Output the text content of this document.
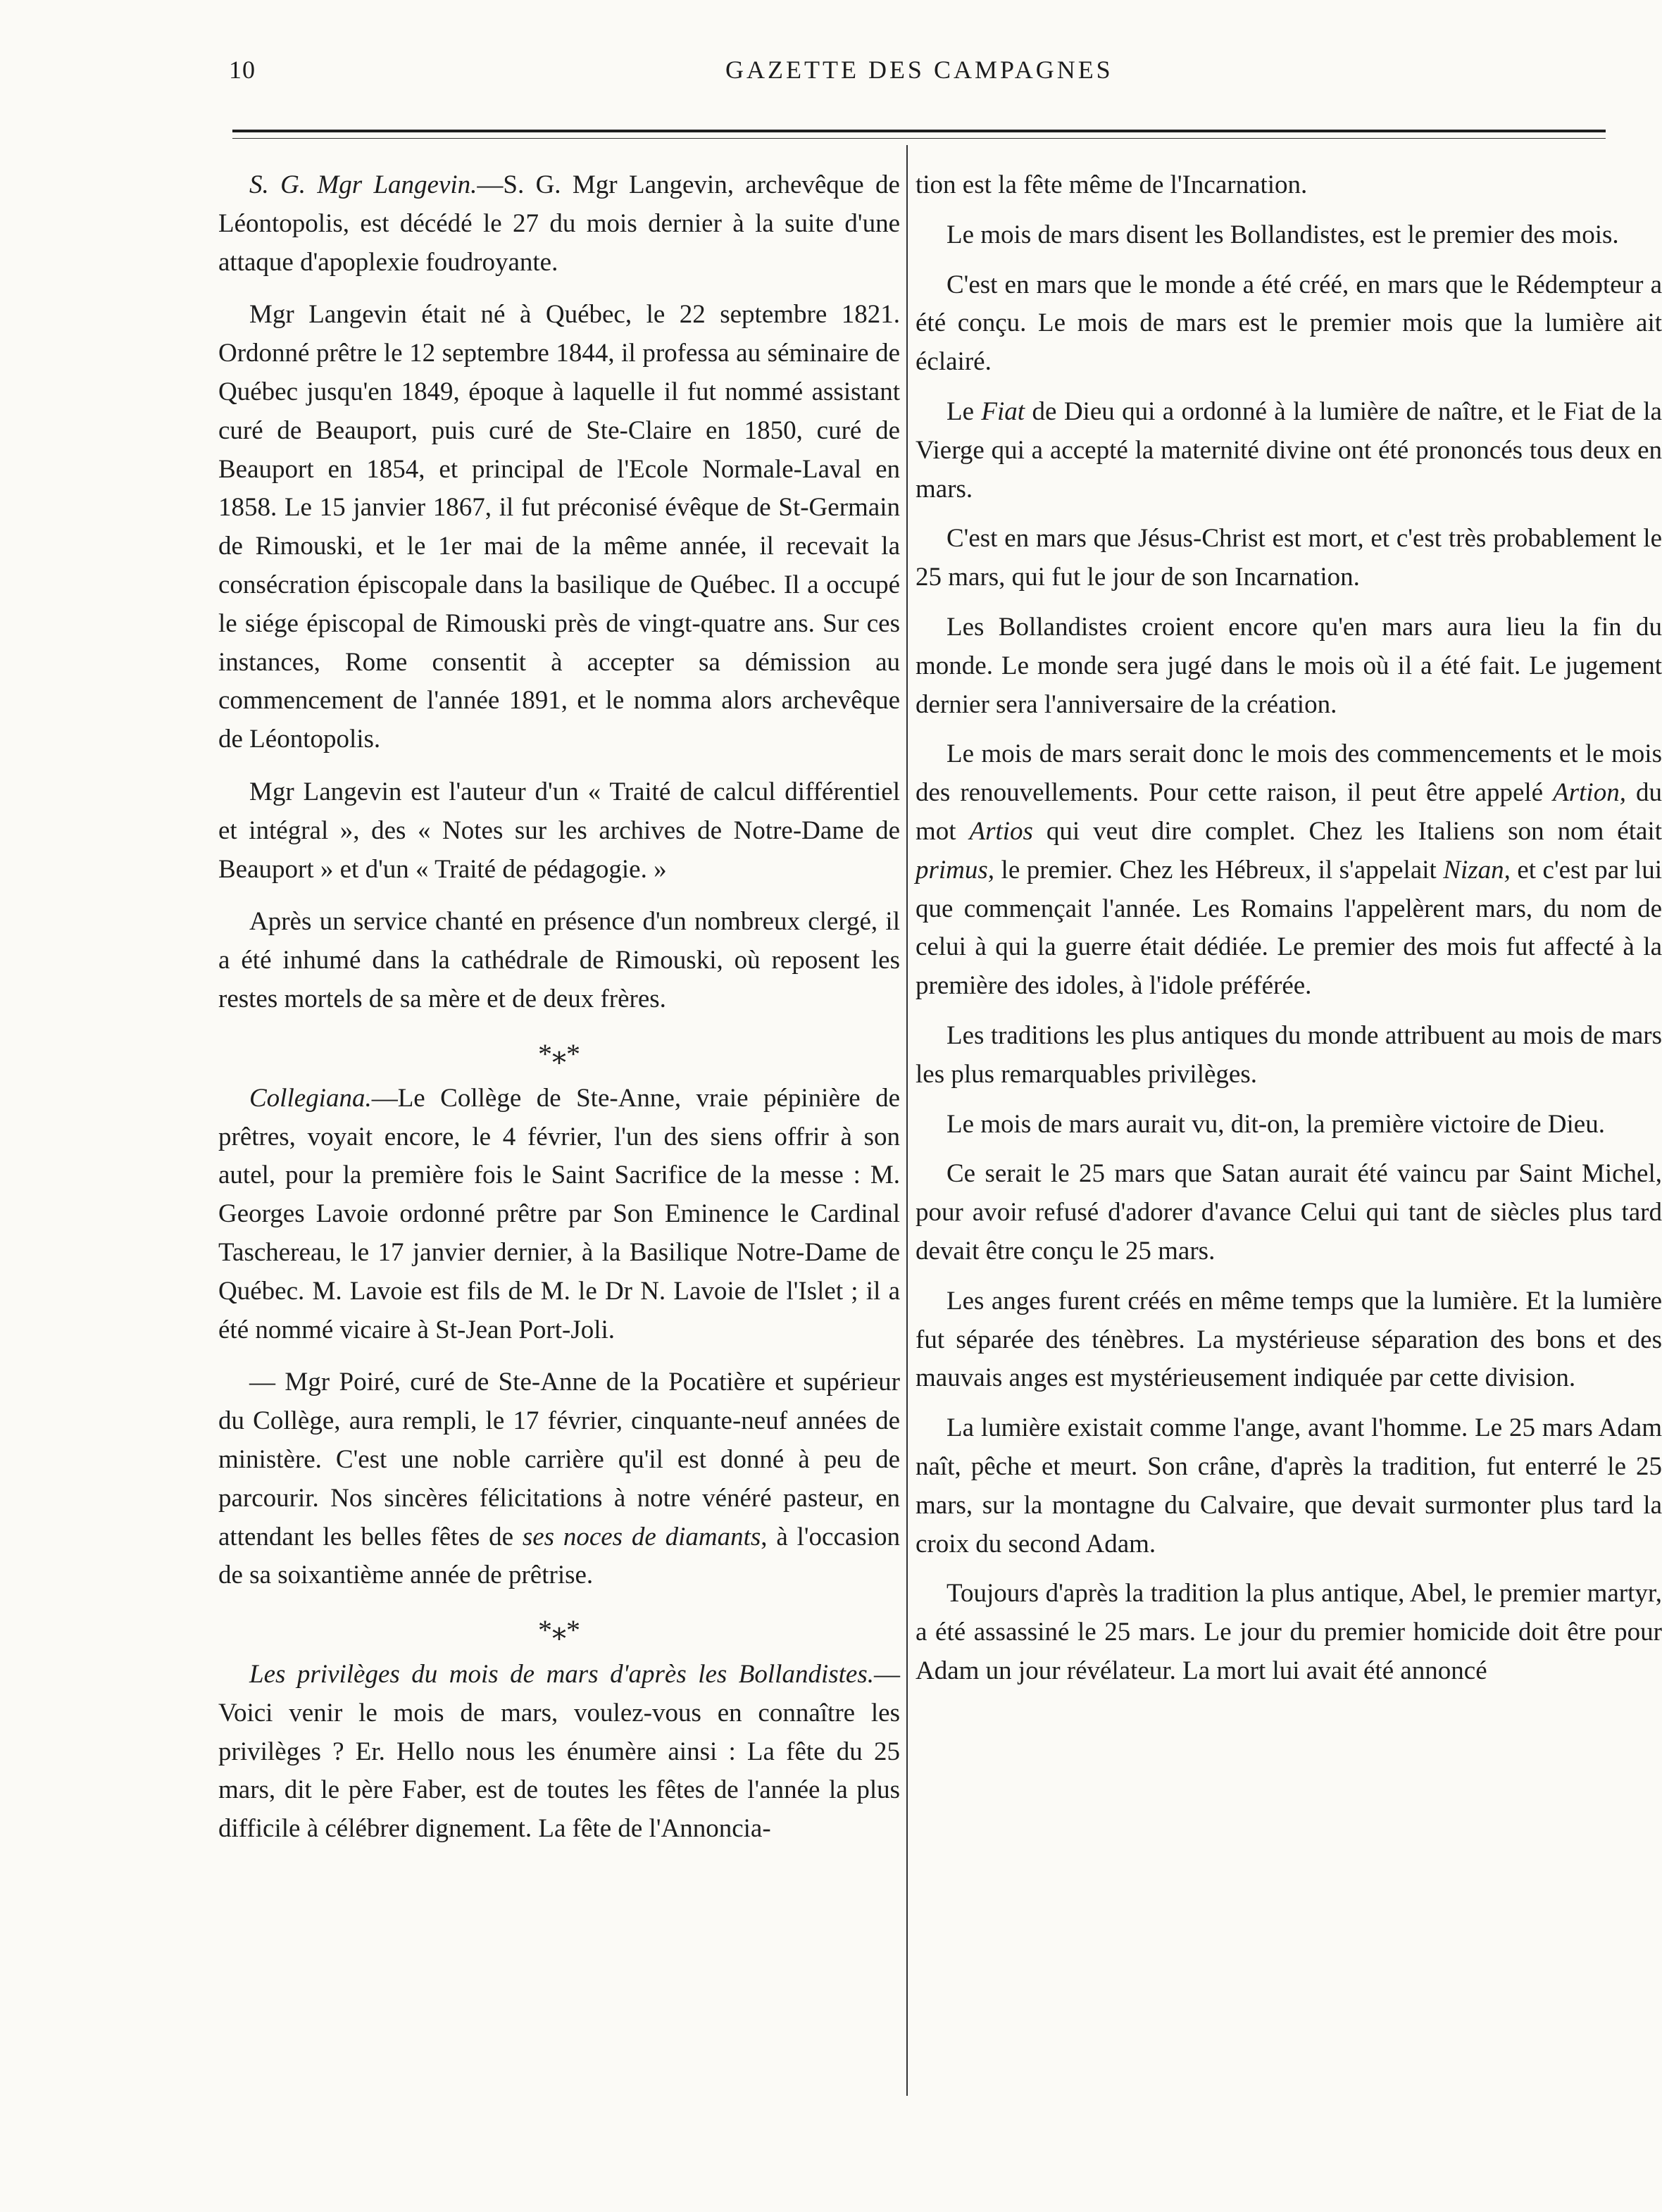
10	GAZETTE DES CAMPAGNES

S. G. Mgr Langevin.—S. G. Mgr Langevin, archevêque de Léontopolis, est décédé le 27 du mois dernier à la suite d'une attaque d'apoplexie foudroyante.

Mgr Langevin était né à Québec, le 22 septembre 1821. Ordonné prêtre le 12 septembre 1844, il professa au séminaire de Québec jusqu'en 1849, époque à laquelle il fut nommé assistant curé de Beauport, puis curé de Ste-Claire en 1850, curé de Beauport en 1854, et principal de l'Ecole Normale-Laval en 1858. Le 15 janvier 1867, il fut préconisé évêque de St-Germain de Rimouski, et le 1er mai de la même année, il recevait la consécration épiscopale dans la basilique de Québec. Il a occupé le siége épiscopal de Rimouski près de vingt-quatre ans. Sur ces instances, Rome consentit à accepter sa démission au commencement de l'année 1891, et le nomma alors archevêque de Léontopolis.

Mgr Langevin est l'auteur d'un « Traité de calcul différentiel et intégral », des « Notes sur les archives de Notre-Dame de Beauport » et d'un « Traité de pédagogie. »

Après un service chanté en présence d'un nombreux clergé, il a été inhumé dans la cathédrale de Rimouski, où reposent les restes mortels de sa mère et de deux frères.

*⁎*

Collegiana.—Le Collège de Ste-Anne, vraie pépinière de prêtres, voyait encore, le 4 février, l'un des siens offrir à son autel, pour la première fois le Saint Sacrifice de la messe : M. Georges Lavoie ordonné prêtre par Son Eminence le Cardinal Taschereau, le 17 janvier dernier, à la Basilique Notre-Dame de Québec. M. Lavoie est fils de M. le Dr N. Lavoie de l'Islet ; il a été nommé vicaire à St-Jean Port-Joli.

— Mgr Poiré, curé de Ste-Anne de la Pocatière et supérieur du Collège, aura rempli, le 17 février, cinquante-neuf années de ministère. C'est une noble carrière qu'il est donné à peu de parcourir. Nos sincères félicitations à notre vénéré pasteur, en attendant les belles fêtes de ses noces de diamants, à l'occasion de sa soixantième année de prêtrise.

*⁎*

Les privilèges du mois de mars d'après les Bollandistes.—Voici venir le mois de mars, voulez-vous en connaître les privilèges ? Er. Hello nous les énumère ainsi : La fête du 25 mars, dit le père Faber, est de toutes les fêtes de l'année la plus difficile à célébrer dignement. La fête de l'Annoncia-

tion est la fête même de l'Incarnation.

Le mois de mars disent les Bollandistes, est le premier des mois.

C'est en mars que le monde a été créé, en mars que le Rédempteur a été conçu. Le mois de mars est le premier mois que la lumière ait éclairé.

Le Fiat de Dieu qui a ordonné à la lumière de naître, et le Fiat de la Vierge qui a accepté la maternité divine ont été prononcés tous deux en mars.

C'est en mars que Jésus-Christ est mort, et c'est très probablement le 25 mars, qui fut le jour de son Incarnation.

Les Bollandistes croient encore qu'en mars aura lieu la fin du monde. Le monde sera jugé dans le mois où il a été fait. Le jugement dernier sera l'anniversaire de la création.

Le mois de mars serait donc le mois des commencements et le mois des renouvellements. Pour cette raison, il peut être appelé Artion, du mot Artios qui veut dire complet. Chez les Italiens son nom était primus, le premier. Chez les Hébreux, il s'appelait Nizan, et c'est par lui que commençait l'année. Les Romains l'appelèrent mars, du nom de celui à qui la guerre était dédiée. Le premier des mois fut affecté à la première des idoles, à l'idole préférée.

Les traditions les plus antiques du monde attribuent au mois de mars les plus remarquables privilèges.

Le mois de mars aurait vu, dit-on, la première victoire de Dieu.

Ce serait le 25 mars que Satan aurait été vaincu par Saint Michel, pour avoir refusé d'adorer d'avance Celui qui tant de siècles plus tard devait être conçu le 25 mars.

Les anges furent créés en même temps que la lumière. Et la lumière fut séparée des ténèbres. La mystérieuse séparation des bons et des mauvais anges est mystérieusement indiquée par cette division.

La lumière existait comme l'ange, avant l'homme. Le 25 mars Adam naît, pêche et meurt. Son crâne, d'après la tradition, fut enterré le 25 mars, sur la montagne du Calvaire, que devait surmonter plus tard la croix du second Adam.

Toujours d'après la tradition la plus antique, Abel, le premier martyr, a été assassiné le 25 mars. Le jour du premier homicide doit être pour Adam un jour révélateur. La mort lui avait été annoncé
